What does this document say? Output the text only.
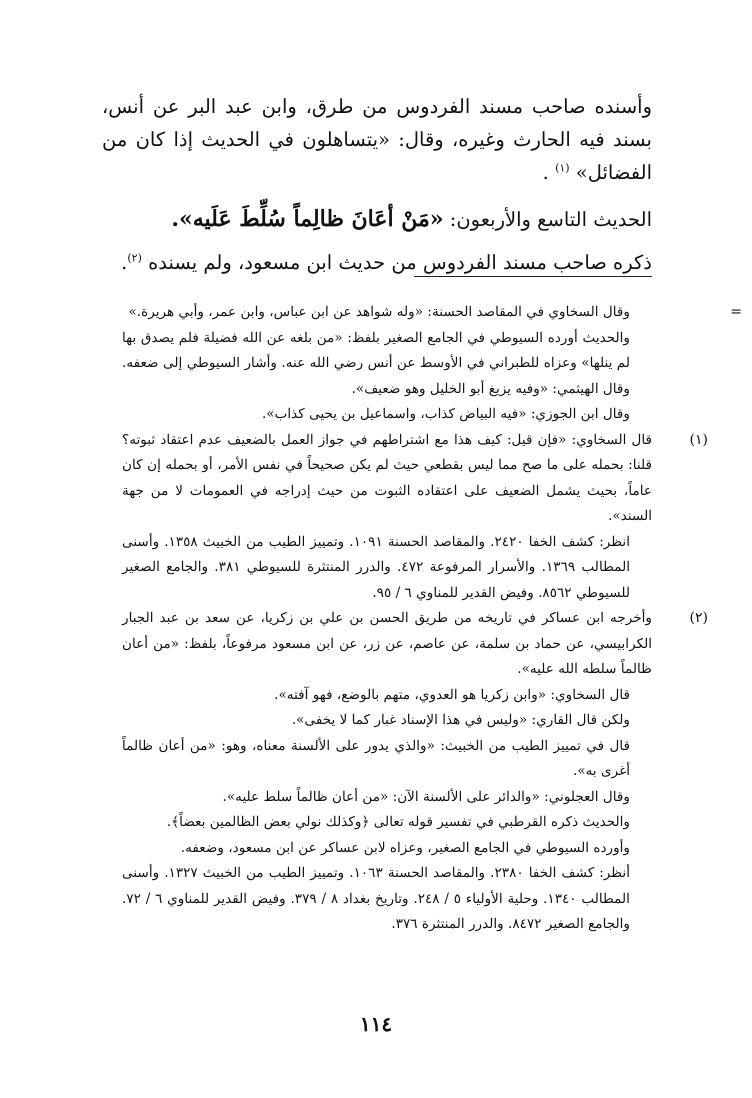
وأسنده صاحب مسند الفردوس من طرق، وابن عبد البر عن أنس، بسند فيه الحارث وغيره، وقال: «يتساهلون في الحديث إذا كان من الفضائل» $^{(١)}$ .

الحديث التاسع والأربعون: «مَنْ أعَانَ ظالِماً سُلِّطَ عَلَيه».

ذكره صاحب مسند الفردوس من حديث ابن مسعود، ولم يسنده $^{(٢)}$.

=
وقال السخاوي في المقاصد الحسنة: «وله شواهد عن ابن عباس، وابن عمر، وأبي هريرة.»
والحديث أورده السيوطي في الجامع الصغير بلفظ: «من بلغه عن الله فضيلة فلم يصدق بها لم ينلها» وعزاه للطبراني في الأوسط عن أنس رضي الله عنه. وأشار السيوطي إلى ضعفه. وقال الهيثمي: «وفيه يزيغ أبو الخليل وهو ضعيف».
وقال ابن الجوزي: «فيه البياض كذاب، واسماعيل بن يحيى كذاب».
(١)
قال السخاوي: «فإن قيل: كيف هذا مع اشتراطهم في جواز العمل بالضعيف عدم اعتقاد ثبوته؟ قلنا: بحمله على ما صح مما ليس بقطعي حيث لم يكن صحيحاً في نفس الأمر، أو بحمله إن كان عاماً، بحيث يشمل الضعيف على اعتقاده الثبوت من حيث إدراجه في العمومات لا من جهة السند».
انظر: كشف الخفا ٢٤٢٠. والمقاصد الحسنة ١٠٩١. وتمييز الطيب من الخبيث ١٣٥٨. وأسنى المطالب ١٣٦٩. والأسرار المرفوعة ٤٧٢. والدرر المنتثرة للسيوطي ٣٨١. والجامع الصغير للسيوطي ٨٥٦٢. وفيض القدير للمناوي ٦ / ٩٥.
(٢)
وأخرجه ابن عساكر في تاريخه من طريق الحسن بن علي بن زكريا، عن سعد بن عبد الجبار الكرابيسي، عن حماد بن سلمة، عن عاصم، عن زر، عن ابن مسعود مرفوعاً، بلفظ: «من أعان ظالماً سلطه الله عليه».
قال السخاوي: «وابن زكريا هو العدوي، متهم بالوضع، فهو آفته».
ولكن قال القاري: «وليس في هذا الإسناد غبار كما لا يخفى».
قال في تمييز الطيب من الخبيث: «والذي يدور على الألسنة معناه، وهو: «من أعان ظالماً أغرى به».
وقال العجلوني: «والدائر على الألسنة الآن: «من أعان ظالماً سلط عليه».
والحديث ذكره القرطبي في تفسير قوله تعالى ﴿وكذلك نولي بعض الظالمين بعضاً﴾.
وأورده السيوطي في الجامع الصغير، وعزاه لابن عساكر عن ابن مسعود، وضعفه.
أنظر: كشف الخفا ٢٣٨٠. والمقاصد الحسنة ١٠٦٣. وتمييز الطيب من الخبيث ١٣٢٧. وأسنى المطالب ١٣٤٠. وحلية الأولياء ٥ / ٢٤٨. وتاريخ بغداد ٨ / ٣٧٩. وفيض القدير للمناوي ٦ / ٧٢. والجامع الصغير ٨٤٧٢. والدرر المنتثرة ٣٧٦.
١١٤
